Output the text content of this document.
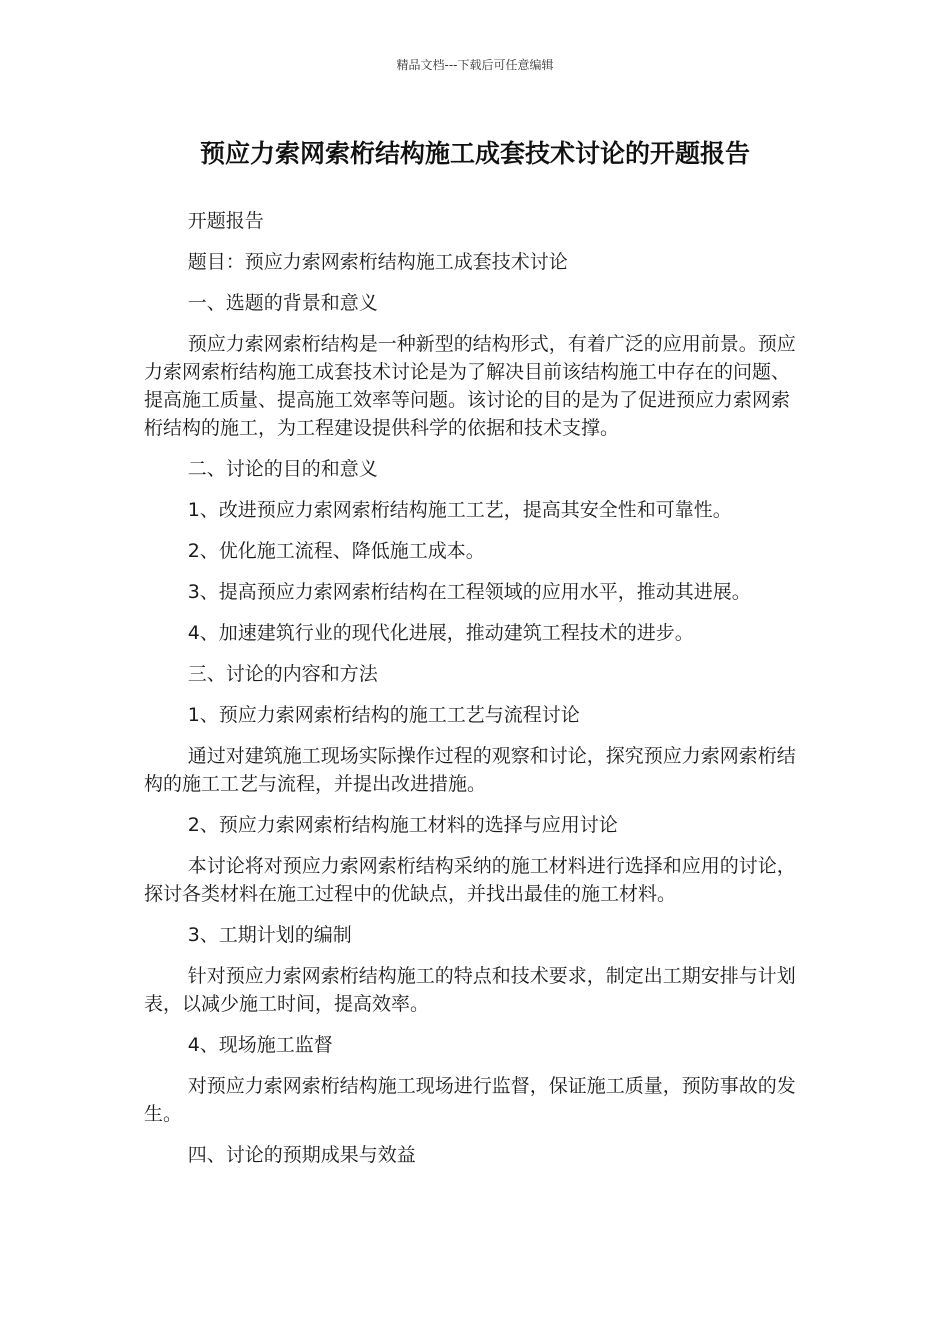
精品文档---下载后可任意编辑
预应力索网索桁结构施工成套技术讨论的开题报告

开题报告

题目：预应力索网索桁结构施工成套技术讨论

一、选题的背景和意义

预应力索网索桁结构是一种新型的结构形式，有着广泛的应用前景。预应力索网索桁结构施工成套技术讨论是为了解决目前该结构施工中存在的问题、提高施工质量、提高施工效率等问题。该讨论的目的是为了促进预应力索网索桁结构的施工，为工程建设提供科学的依据和技术支撑。

二、讨论的目的和意义

1、改进预应力索网索桁结构施工工艺，提高其安全性和可靠性。

2、优化施工流程、降低施工成本。

3、提高预应力索网索桁结构在工程领域的应用水平，推动其进展。

4、加速建筑行业的现代化进展，推动建筑工程技术的进步。

三、讨论的内容和方法

1、预应力索网索桁结构的施工工艺与流程讨论

通过对建筑施工现场实际操作过程的观察和讨论，探究预应力索网索桁结构的施工工艺与流程，并提出改进措施。

2、预应力索网索桁结构施工材料的选择与应用讨论

本讨论将对预应力索网索桁结构采纳的施工材料进行选择和应用的讨论，探讨各类材料在施工过程中的优缺点，并找出最佳的施工材料。

3、工期计划的编制

针对预应力索网索桁结构施工的特点和技术要求，制定出工期安排与计划表，以减少施工时间，提高效率。

4、现场施工监督

对预应力索网索桁结构施工现场进行监督，保证施工质量，预防事故的发生。

四、讨论的预期成果与效益
